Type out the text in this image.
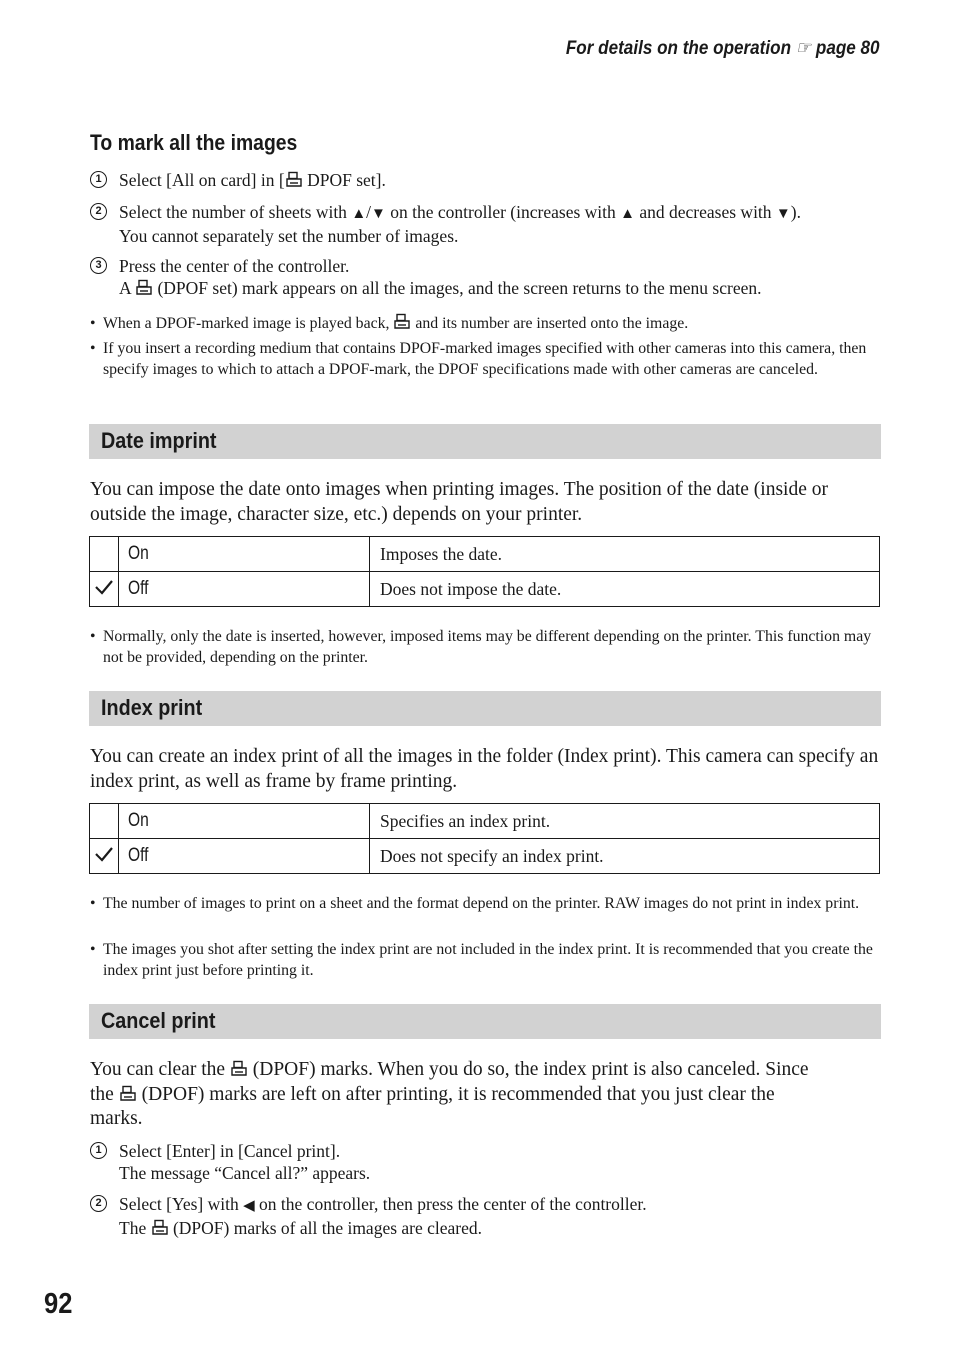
For details on the operation ☞ page 80
To mark all the images
1 Select [All on card] in [ DPOF set].
2 Select the number of sheets with ▲/▼ on the controller (increases with ▲ and decreases with ▼).
You cannot separately set the number of images.
3 Press the center of the controller.
A  (DPOF set) mark appears on all the images, and the screen returns to the menu screen.
• When a DPOF-marked image is played back,  and its number are inserted onto the image.
• If you insert a recording medium that contains DPOF-marked images specified with other cameras into this camera, then specify images to which to attach a DPOF-mark, the DPOF specifications made with other cameras are canceled.
Date imprint
You can impose the date onto images when printing images. The position of the date (inside or outside the image, character size, etc.) depends on your printer.
	On	Imposes the date.
	Off	Does not impose the date.
• Normally, only the date is inserted, however, imposed items may be different depending on the printer. This function may not be provided, depending on the printer.
Index print
You can create an index print of all the images in the folder (Index print). This camera can specify an index print, as well as frame by frame printing.
	On	Specifies an index print.
	Off	Does not specify an index print.
• The number of images to print on a sheet and the format depend on the printer. RAW images do not print in index print.
• The images you shot after setting the index print are not included in the index print. It is recommended that you create the index print just before printing it.
Cancel print
You can clear the  (DPOF) marks. When you do so, the index print is also canceled. Since
the  (DPOF) marks are left on after printing, it is recommended that you just clear the
marks.
1 Select [Enter] in [Cancel print].
The message “Cancel all?” appears.
2 Select [Yes] with ◀ on the controller, then press the center of the controller.
The  (DPOF) marks of all the images are cleared.
92
